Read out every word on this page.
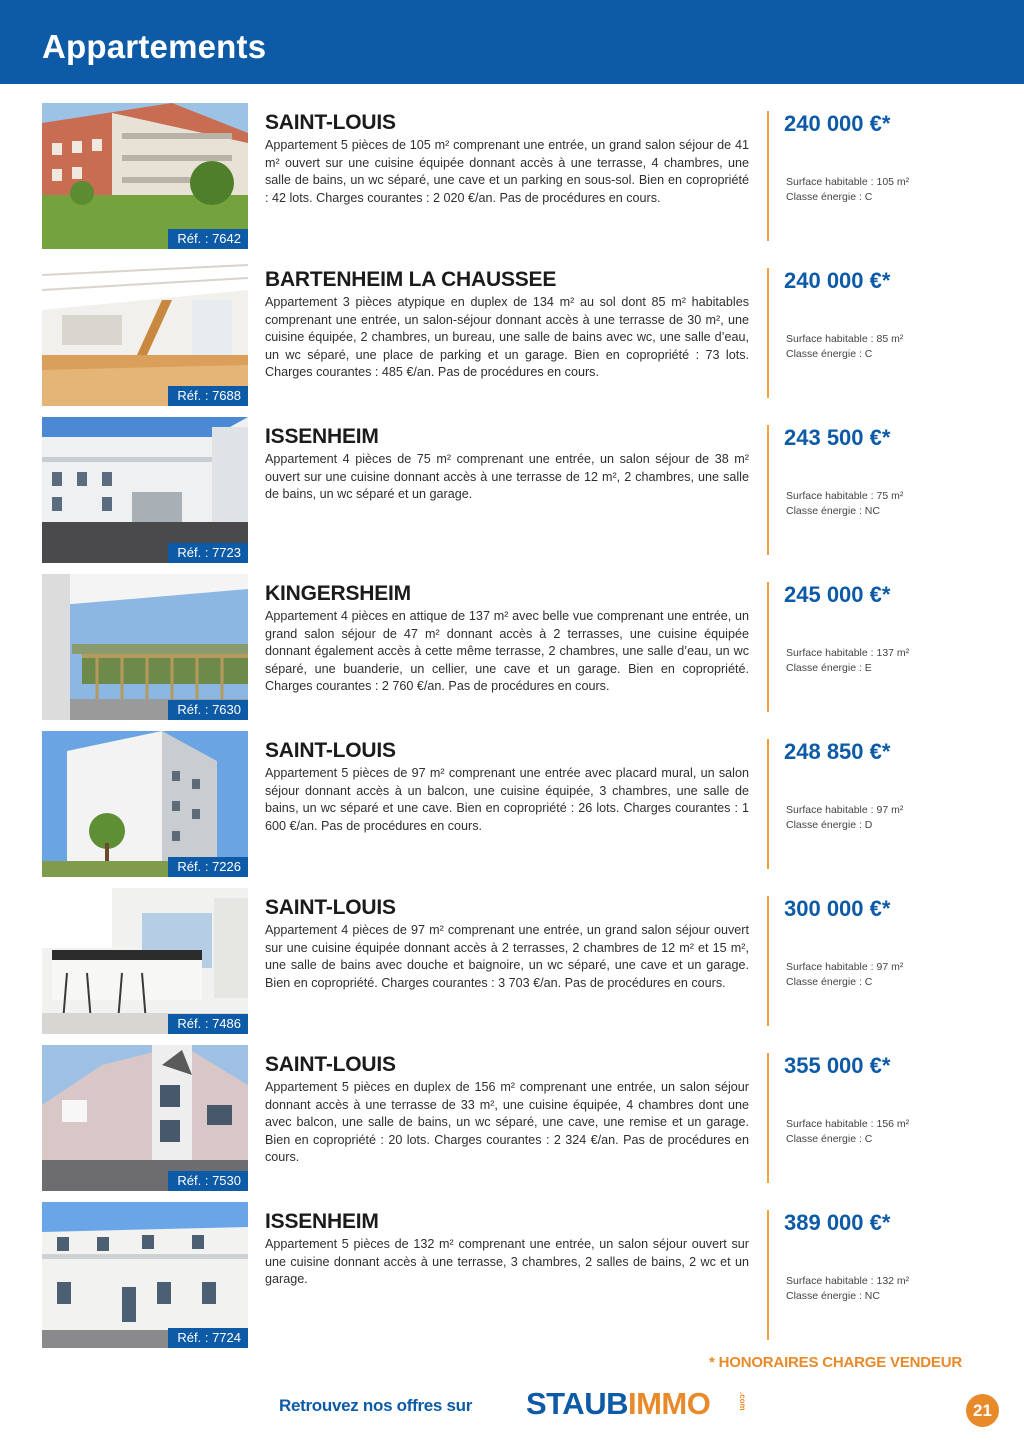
Appartements
Réf. : 7642
SAINT-LOUIS
Appartement 5 pièces de 105 m² comprenant une entrée, un grand salon séjour de 41 m² ouvert sur une cuisine équipée donnant accès à une terrasse, 4 chambres, une salle de bains, un wc séparé, une cave et un parking en sous-sol. Bien en copropriété : 42 lots. Charges courantes : 2 020 €/an. Pas de procédures en cours.
240 000 €*
Surface habitable : 105 m²
Classe énergie : C
Réf. : 7688
BARTENHEIM LA CHAUSSEE
Appartement 3 pièces atypique en duplex de 134 m² au sol dont 85 m² habitables comprenant une entrée, un salon-séjour donnant accès à une terrasse de 30 m², une cuisine équipée, 2 chambres, un bureau, une salle de bains avec wc, une salle d’eau, un wc séparé, une place de parking et un garage. Bien en copropriété : 73 lots. Charges courantes : 485 €/an. Pas de procédures en cours.
240 000 €*
Surface habitable : 85 m²
Classe énergie : C
Réf. : 7723
ISSENHEIM
Appartement 4 pièces de 75 m² comprenant une entrée, un salon séjour de 38 m² ouvert sur une cuisine donnant accès à une terrasse de 12 m², 2 chambres, une salle de bains, un wc séparé et un garage.
243 500 €*
Surface habitable : 75 m²
Classe énergie : NC
Réf. : 7630
KINGERSHEIM
Appartement 4 pièces en attique de 137 m² avec belle vue comprenant une entrée, un grand salon séjour de 47 m² donnant accès à 2 terrasses, une cuisine équipée donnant également accès à cette même terrasse, 2 chambres, une salle d’eau, un wc séparé, une buanderie, un cellier, une cave et un garage. Bien en copropriété. Charges courantes : 2 760 €/an. Pas de procédures en cours.
245 000 €*
Surface habitable : 137 m²
Classe énergie : E
Réf. : 7226
SAINT-LOUIS
Appartement 5 pièces de 97 m² comprenant une entrée avec placard mural, un salon séjour donnant accès à un balcon, une cuisine équipée, 3 chambres, une salle de bains, un wc séparé et une cave. Bien en copropriété : 26 lots. Charges courantes : 1 600 €/an. Pas de procédures en cours.
248 850 €*
Surface habitable : 97 m²
Classe énergie : D
Réf. : 7486
SAINT-LOUIS
Appartement 4 pièces de 97 m² comprenant une entrée, un grand salon séjour ouvert sur une cuisine équipée donnant accès à 2 terrasses, 2 chambres de 12 m² et 15 m², une salle de bains avec douche et baignoire, un wc séparé, une cave et un garage. Bien en copropriété. Charges courantes : 3 703 €/an. Pas de procédures en cours.
300 000 €*
Surface habitable : 97 m²
Classe énergie : C
Réf. : 7530
SAINT-LOUIS
Appartement 5 pièces en duplex de 156 m² comprenant une entrée, un salon séjour donnant accès à une terrasse de 33 m², une cuisine équipée, 4 chambres dont une avec balcon, une salle de bains, un wc séparé, une cave, une remise et un garage. Bien en copropriété : 20 lots. Charges courantes : 2 324 €/an. Pas de procédures en cours.
355 000 €*
Surface habitable : 156 m²
Classe énergie : C
Réf. : 7724
ISSENHEIM
Appartement 5 pièces de 132 m² comprenant une entrée, un salon séjour ouvert sur une cuisine donnant accès à une terrasse, 3 chambres, 2 salles de bains, 2 wc et un garage.
389 000 €*
Surface habitable : 132 m²
Classe énergie : NC
* HONORAIRES CHARGE VENDEUR
Retrouvez nos offres sur STAUBIMMO	.com	21
